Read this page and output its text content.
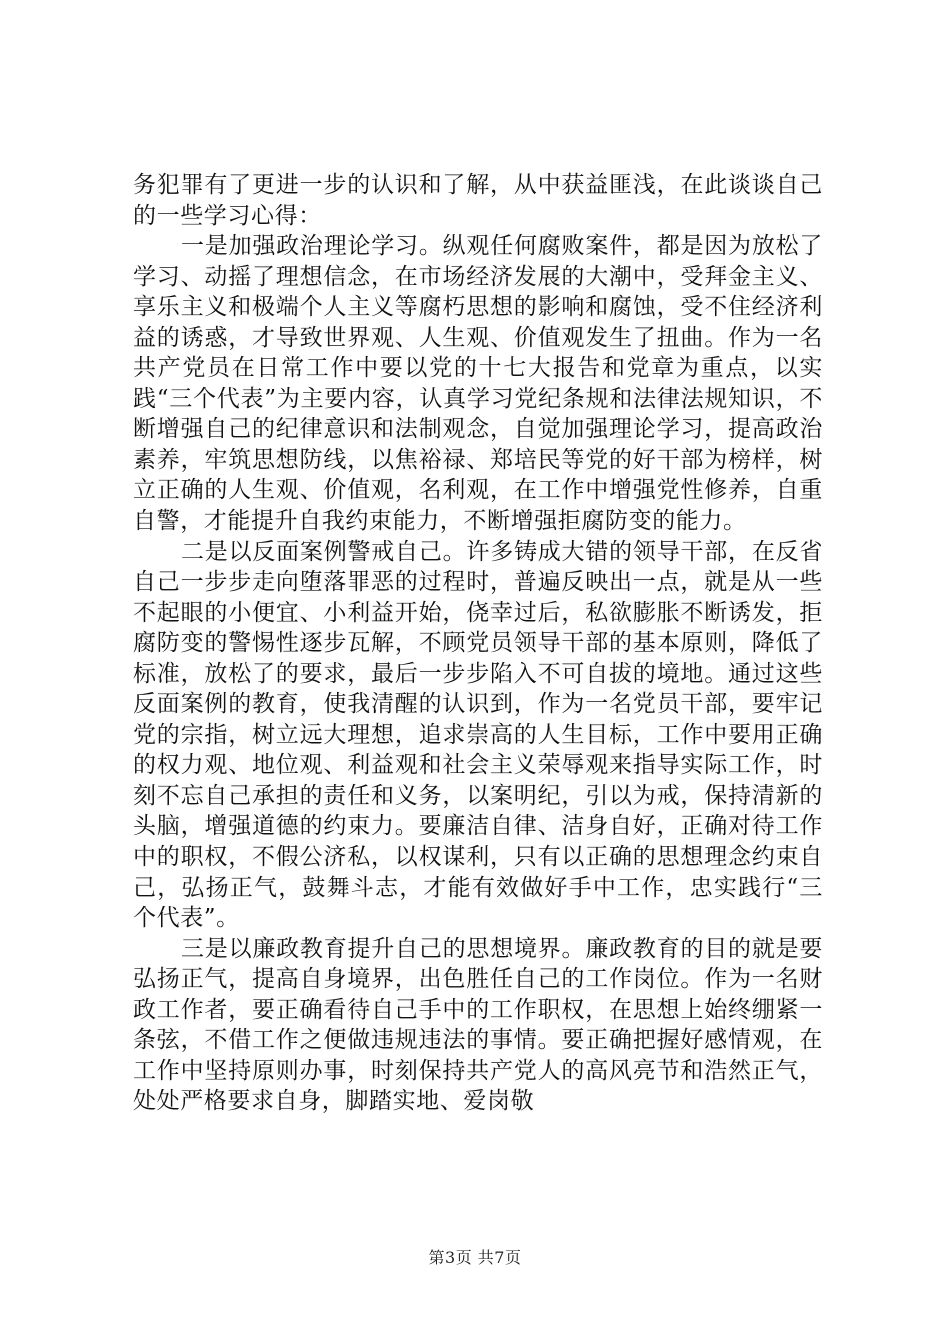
务犯罪有了更进一步的认识和了解，从中获益匪浅，在此谈谈自己的一些学习心得：

一是加强政治理论学习。纵观任何腐败案件，都是因为放松了学习、动摇了理想信念，在市场经济发展的大潮中，受拜金主义、享乐主义和极端个人主义等腐朽思想的影响和腐蚀，受不住经济利益的诱惑，才导致世界观、人生观、价值观发生了扭曲。作为一名共产党员在日常工作中要以党的十七大报告和党章为重点，以实践“三个代表”为主要内容，认真学习党纪条规和法律法规知识，不断增强自己的纪律意识和法制观念，自觉加强理论学习，提高政治素养，牢筑思想防线，以焦裕禄、郑培民等党的好干部为榜样，树立正确的人生观、价值观，名利观，在工作中增强党性修养，自重自警，才能提升自我约束能力，不断增强拒腐防变的能力。

二是以反面案例警戒自己。许多铸成大错的领导干部，在反省自己一步步走向堕落罪恶的过程时，普遍反映出一点，就是从一些不起眼的小便宜、小利益开始，侥幸过后，私欲膨胀不断诱发，拒腐防变的警惕性逐步瓦解，不顾党员领导干部的基本原则，降低了标准，放松了的要求，最后一步步陷入不可自拔的境地。通过这些反面案例的教育，使我清醒的认识到，作为一名党员干部，要牢记党的宗指，树立远大理想，追求崇高的人生目标，工作中要用正确的权力观、地位观、利益观和社会主义荣辱观来指导实际工作，时刻不忘自己承担的责任和义务，以案明纪，引以为戒，保持清新的头脑，增强道德的约束力。要廉洁自律、洁身自好，正确对待工作中的职权，不假公济私，以权谋利，只有以正确的思想理念约束自己，弘扬正气，鼓舞斗志，才能有效做好手中工作，忠实践行“三个代表”。

三是以廉政教育提升自己的思想境界。廉政教育的目的就是要弘扬正气，提高自身境界，出色胜任自己的工作岗位。作为一名财政工作者，要正确看待自己手中的工作职权，在思想上始终绷紧一条弦，不借工作之便做违规违法的事情。要正确把握好感情观，在工作中坚持原则办事，时刻保持共产党人的高风亮节和浩然正气，处处严格要求自身，脚踏实地、爱岗敬

第3页 共7页
